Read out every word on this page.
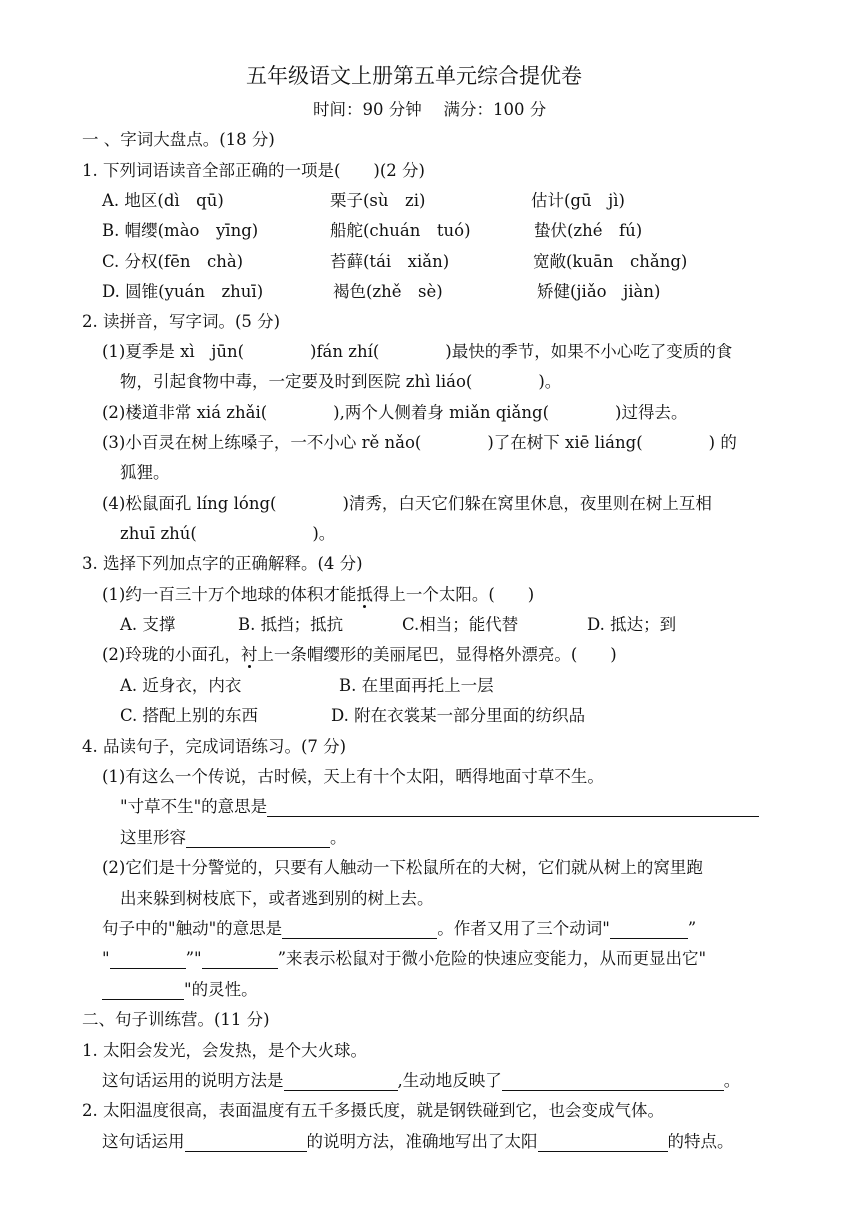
五年级语文上册第五单元综合提优卷
时间：90 分钟　 满分：100 分
一 、字词大盘点。(18 分)
1. 下列词语读音全部正确的一项是(　　)(2 分)
A. 地区(dì　qū)	栗子(sù　zi)	估计(gū　jì)
B. 帽缨(mào　yīng)	船舵(chuán　tuó)	蛰伏(zhé　fú)
C. 分权(fēn　chà)	苔藓(tái　xiǎn)	宽敞(kuān　chǎng)
D. 圆锥(yuán　zhuī)	褐色(zhě　sè)	矫健(jiǎo　jiàn)
2. 读拼音，写字词。(5 分)
(1)夏季是 xì　jūn(　　　　)fán zhí(　　　　)最快的季节，如果不小心吃了变质的食
物，引起食物中毒，一定要及时到医院 zhì liáo(　　　　)。
(2)楼道非常 xiá zhǎi(　　　　),两个人侧着身 miǎn qiǎng(　　　　)过得去。
(3)小百灵在树上练嗓子，一不小心 rě nǎo(　　　　)了在树下 xiē liáng(　　　　) 的
狐狸。
(4)松鼠面孔 líng lóng(　　　　)清秀，白天它们躲在窝里休息，夜里则在树上互相
zhuī zhú(　　　　　　　)。
3. 选择下列加点字的正确解释。(4 分)
(1)约一百三十万个地球的体积才能抵得上一个太阳。(　　)
A. 支撑	B. 抵挡；抵抗	C.相当；能代替	D. 抵达；到
(2)玲珑的小面孔，衬上一条帽缨形的美丽尾巴，显得格外漂亮。(　　)
A. 近身衣，内衣	B. 在里面再托上一层
C. 搭配上别的东西	D. 附在衣裳某一部分里面的纺织品
4. 品读句子，完成词语练习。(7 分)
(1)有这么一个传说，古时候，天上有十个太阳，晒得地面寸草不生。
"寸草不生"的意思是
这里形容	。
(2)它们是十分警觉的，只要有人触动一下松鼠所在的大树，它们就从树上的窝里跑
出来躲到树枝底下，或者逃到别的树上去。
句子中的"触动"的意思是	。作者又用了三个动词"	”
"	”"	”来表示松鼠对于微小危险的快速应变能力，从而更显出它"
"的灵性。
二、句子训练营。(11 分)
1. 太阳会发光，会发热，是个大火球。
这句话运用的说明方法是	,生动地反映了	。
2. 太阳温度很高，表面温度有五千多摄氏度，就是钢铁碰到它，也会变成气体。
这句话运用	的说明方法，准确地写出了太阳	的特点。
